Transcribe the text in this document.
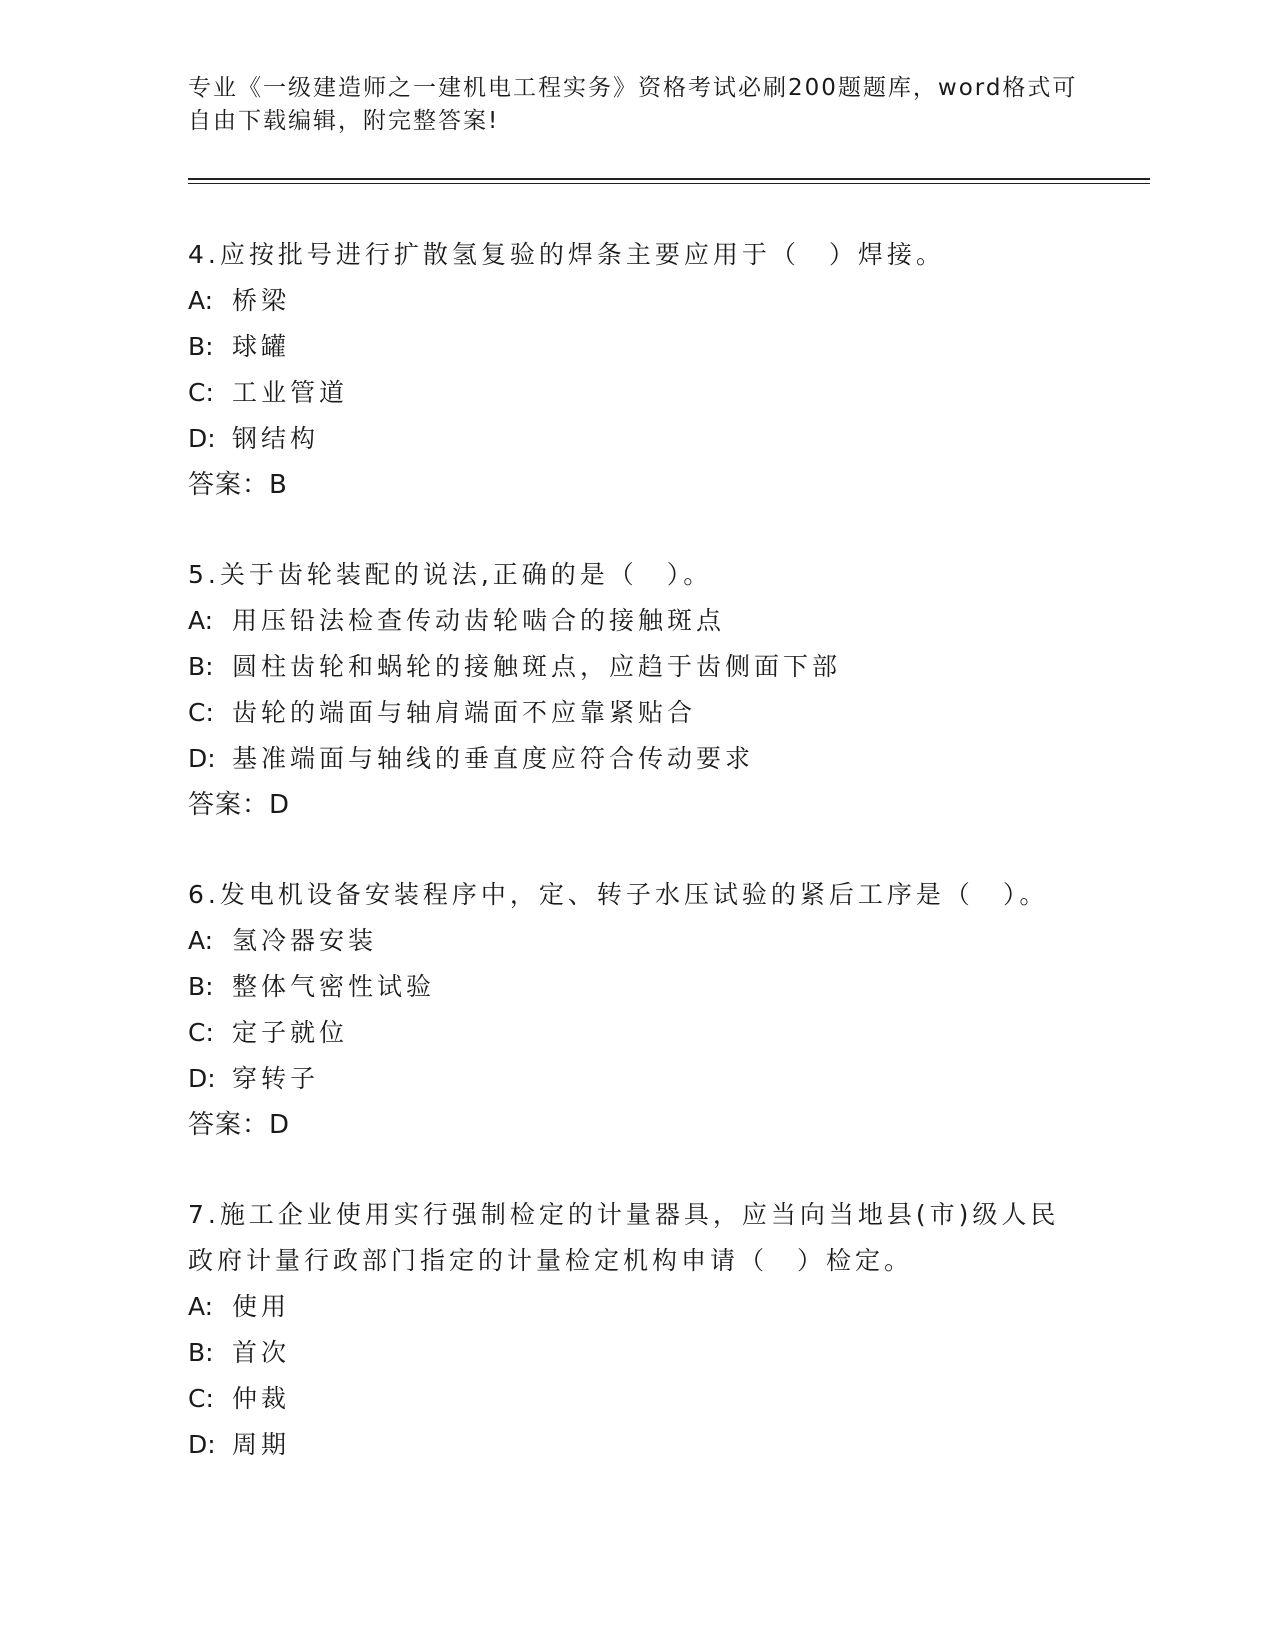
专业《一级建造师之一建机电工程实务》资格考试必刷200题题库，word格式可
自由下载编辑，附完整答案!

4.应按批号进行扩散氢复验的焊条主要应用于（　）焊接。

A: 桥梁

B: 球罐

C: 工业管道

D: 钢结构

答案：B

5.关于齿轮装配的说法,正确的是（　）。

A: 用压铅法检查传动齿轮啮合的接触斑点

B: 圆柱齿轮和蜗轮的接触斑点，应趋于齿侧面下部

C: 齿轮的端面与轴肩端面不应靠紧贴合

D: 基准端面与轴线的垂直度应符合传动要求

答案：D

6.发电机设备安装程序中，定、转子水压试验的紧后工序是（　）。

A: 氢冷器安装

B: 整体气密性试验

C: 定子就位

D: 穿转子

答案：D

7.施工企业使用实行强制检定的计量器具，应当向当地县(市)级人民

政府计量行政部门指定的计量检定机构申请（　）检定。

A: 使用

B: 首次

C: 仲裁

D: 周期
